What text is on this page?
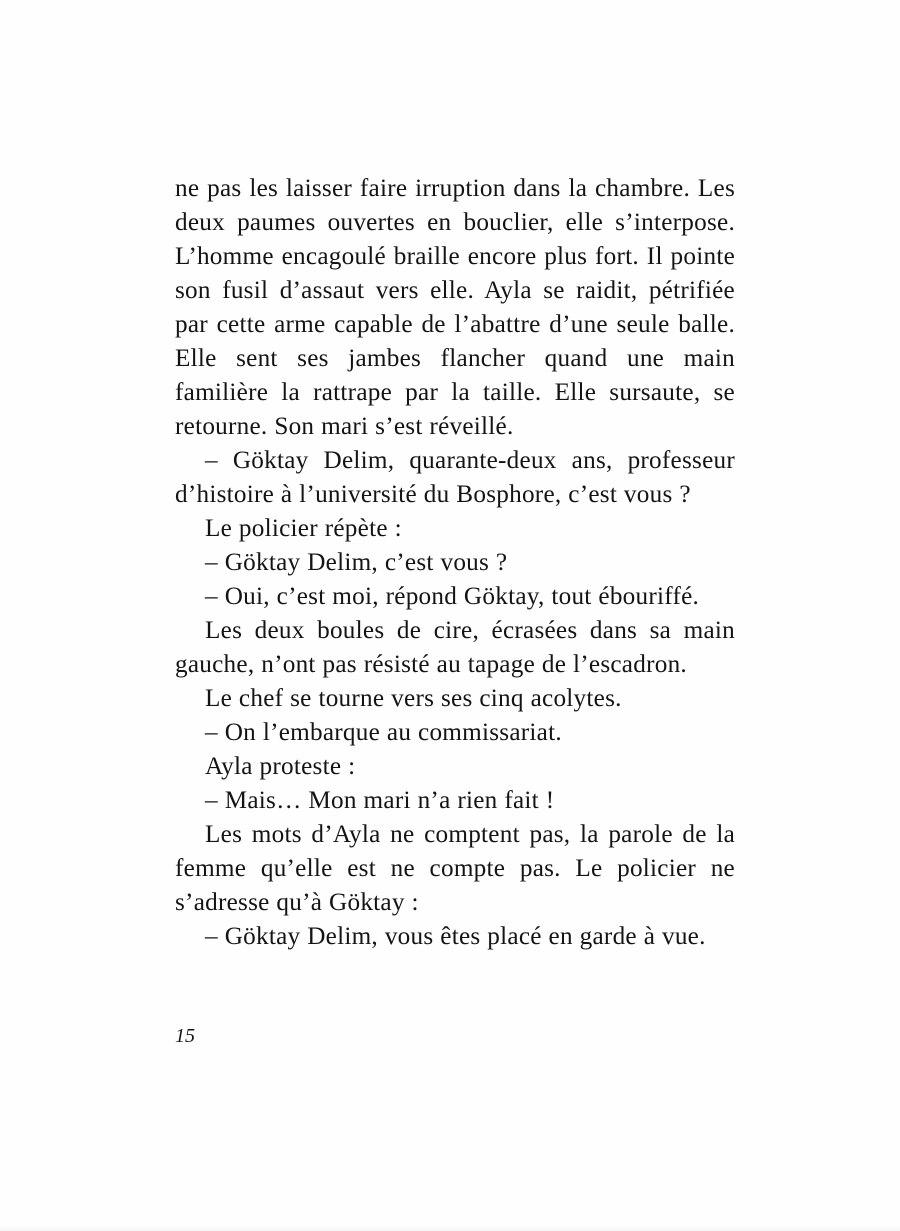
ne pas les laisser faire irruption dans la chambre. Les deux paumes ouvertes en bouclier, elle s’interpose. L’homme encagoulé braille encore plus fort. Il pointe son fusil d’assaut vers elle. Ayla se raidit, pétrifiée par cette arme capable de l’abattre d’une seule balle. Elle sent ses jambes flancher quand une main familière la rattrape par la taille. Elle sursaute, se retourne. Son mari s’est réveillé.

– Göktay Delim, quarante-deux ans, professeur d’histoire à l’université du Bosphore, c’est vous ?

Le policier répète :

– Göktay Delim, c’est vous ?

– Oui, c’est moi, répond Göktay, tout ébouriffé.

Les deux boules de cire, écrasées dans sa main gauche, n’ont pas résisté au tapage de l’escadron.

Le chef se tourne vers ses cinq acolytes.

– On l’embarque au commissariat.

Ayla proteste :

– Mais… Mon mari n’a rien fait !

Les mots d’Ayla ne comptent pas, la parole de la femme qu’elle est ne compte pas. Le policier ne s’adresse qu’à Göktay :

– Göktay Delim, vous êtes placé en garde à vue.

15
